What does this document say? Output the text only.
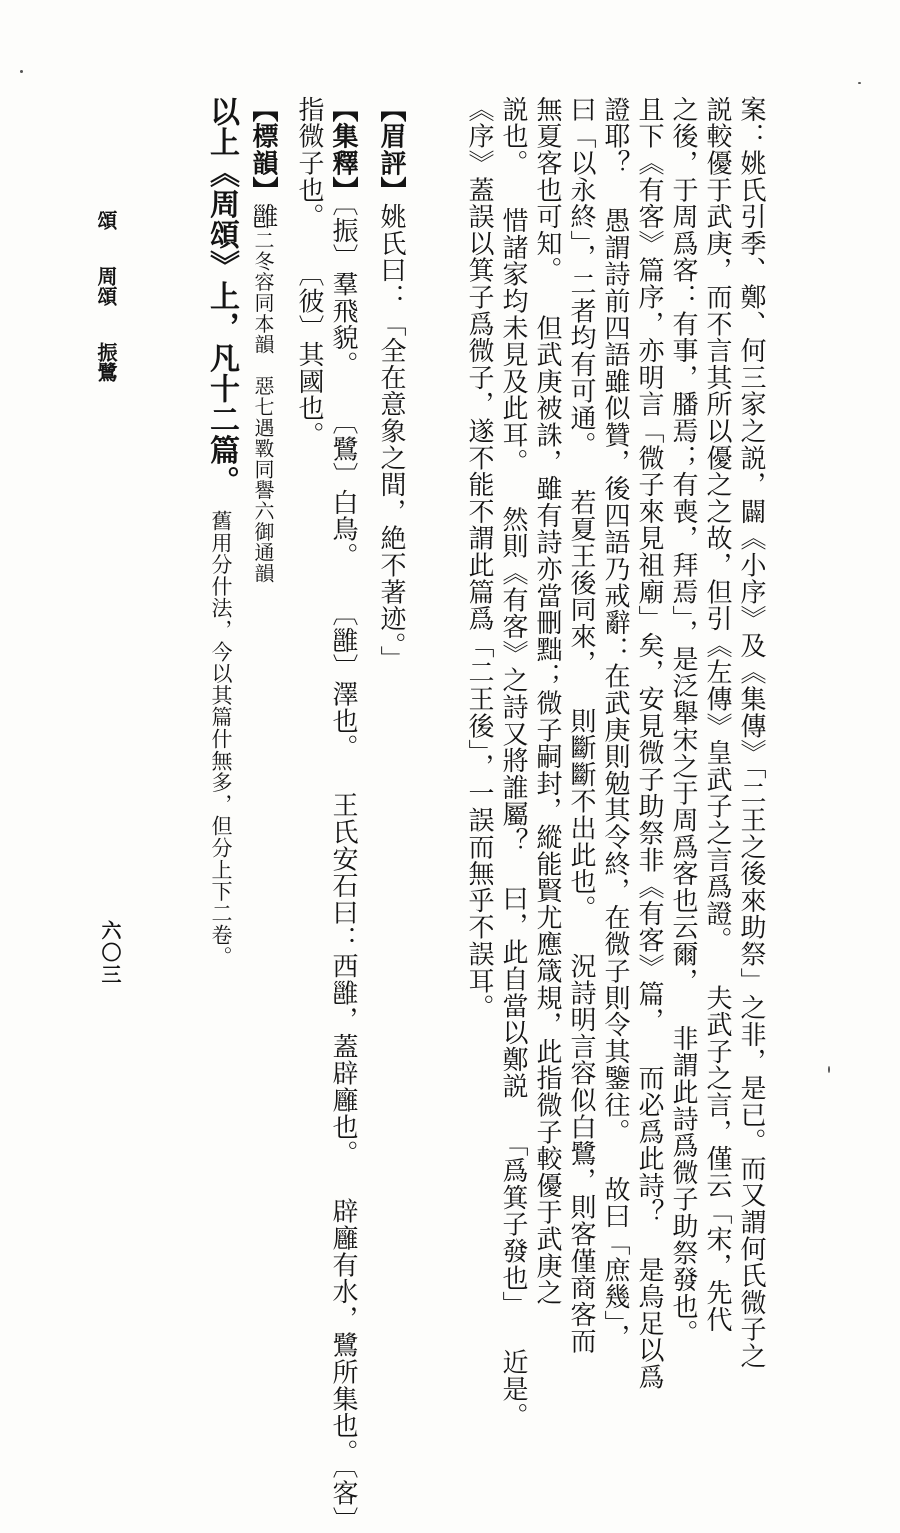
頌周頌振鷺
六〇三	案：姚氏引季、鄭、何三家之説，闢《小序》及《集傳》「二王之後來助祭」之非，是已。而又謂何氏微子之
説較優于武庚，而不言其所以優之之故，但引《左傳》皇武子之言爲證。 夫武子之言，僅云「宋，先代
之後，于周爲客：有事，膰焉；有喪，拜焉」，是泛舉宋之于周爲客也云爾， 非謂此詩爲微子助祭發也。
且下《有客》篇序，亦明言「微子來見祖廟」矣，安見微子助祭非《有客》篇， 而必爲此詩？ 是烏足以爲
證耶？ 愚謂詩前四語雖似贊，後四語乃戒辭：在武庚則勉其令終，在微子則令其鑒往。 故曰「庶幾」，
曰「以永終」，二者均有可通。 若夏王後同來， 則斷斷不出此也。 況詩明言容似白鷺，則客僅商客而
無夏客也可知。 但武庚被誅，雖有詩亦當刪黜；微子嗣封，縱能賢尤應箴規，此指微子較優于武庚之
説也。 惜諸家均未見及此耳。 然則《有客》之詩又將誰屬？ 曰，此自當以鄭説 「爲箕子發也」 近是。
《序》蓋誤以箕子爲微子，遂不能不謂此篇爲「二王後」，一誤而無乎不誤耳。
【眉評】姚氏曰：「全在意象之間，絶不著迹。」
【集釋】〔振〕羣飛貌。 〔鷺〕白鳥。 〔雝〕澤也。 王氏安石曰：西雝，蓋辟廱也。 辟廱有水，鷺所集也。〔客〕
指微子也。 〔彼〕其國也。
【標韻】雝二冬容同本韻　惡七遇斁同譽六御通韻
以上《周頌》上，凡十二篇。舊用分什法，今以其篇什無多，但分上下二卷。
